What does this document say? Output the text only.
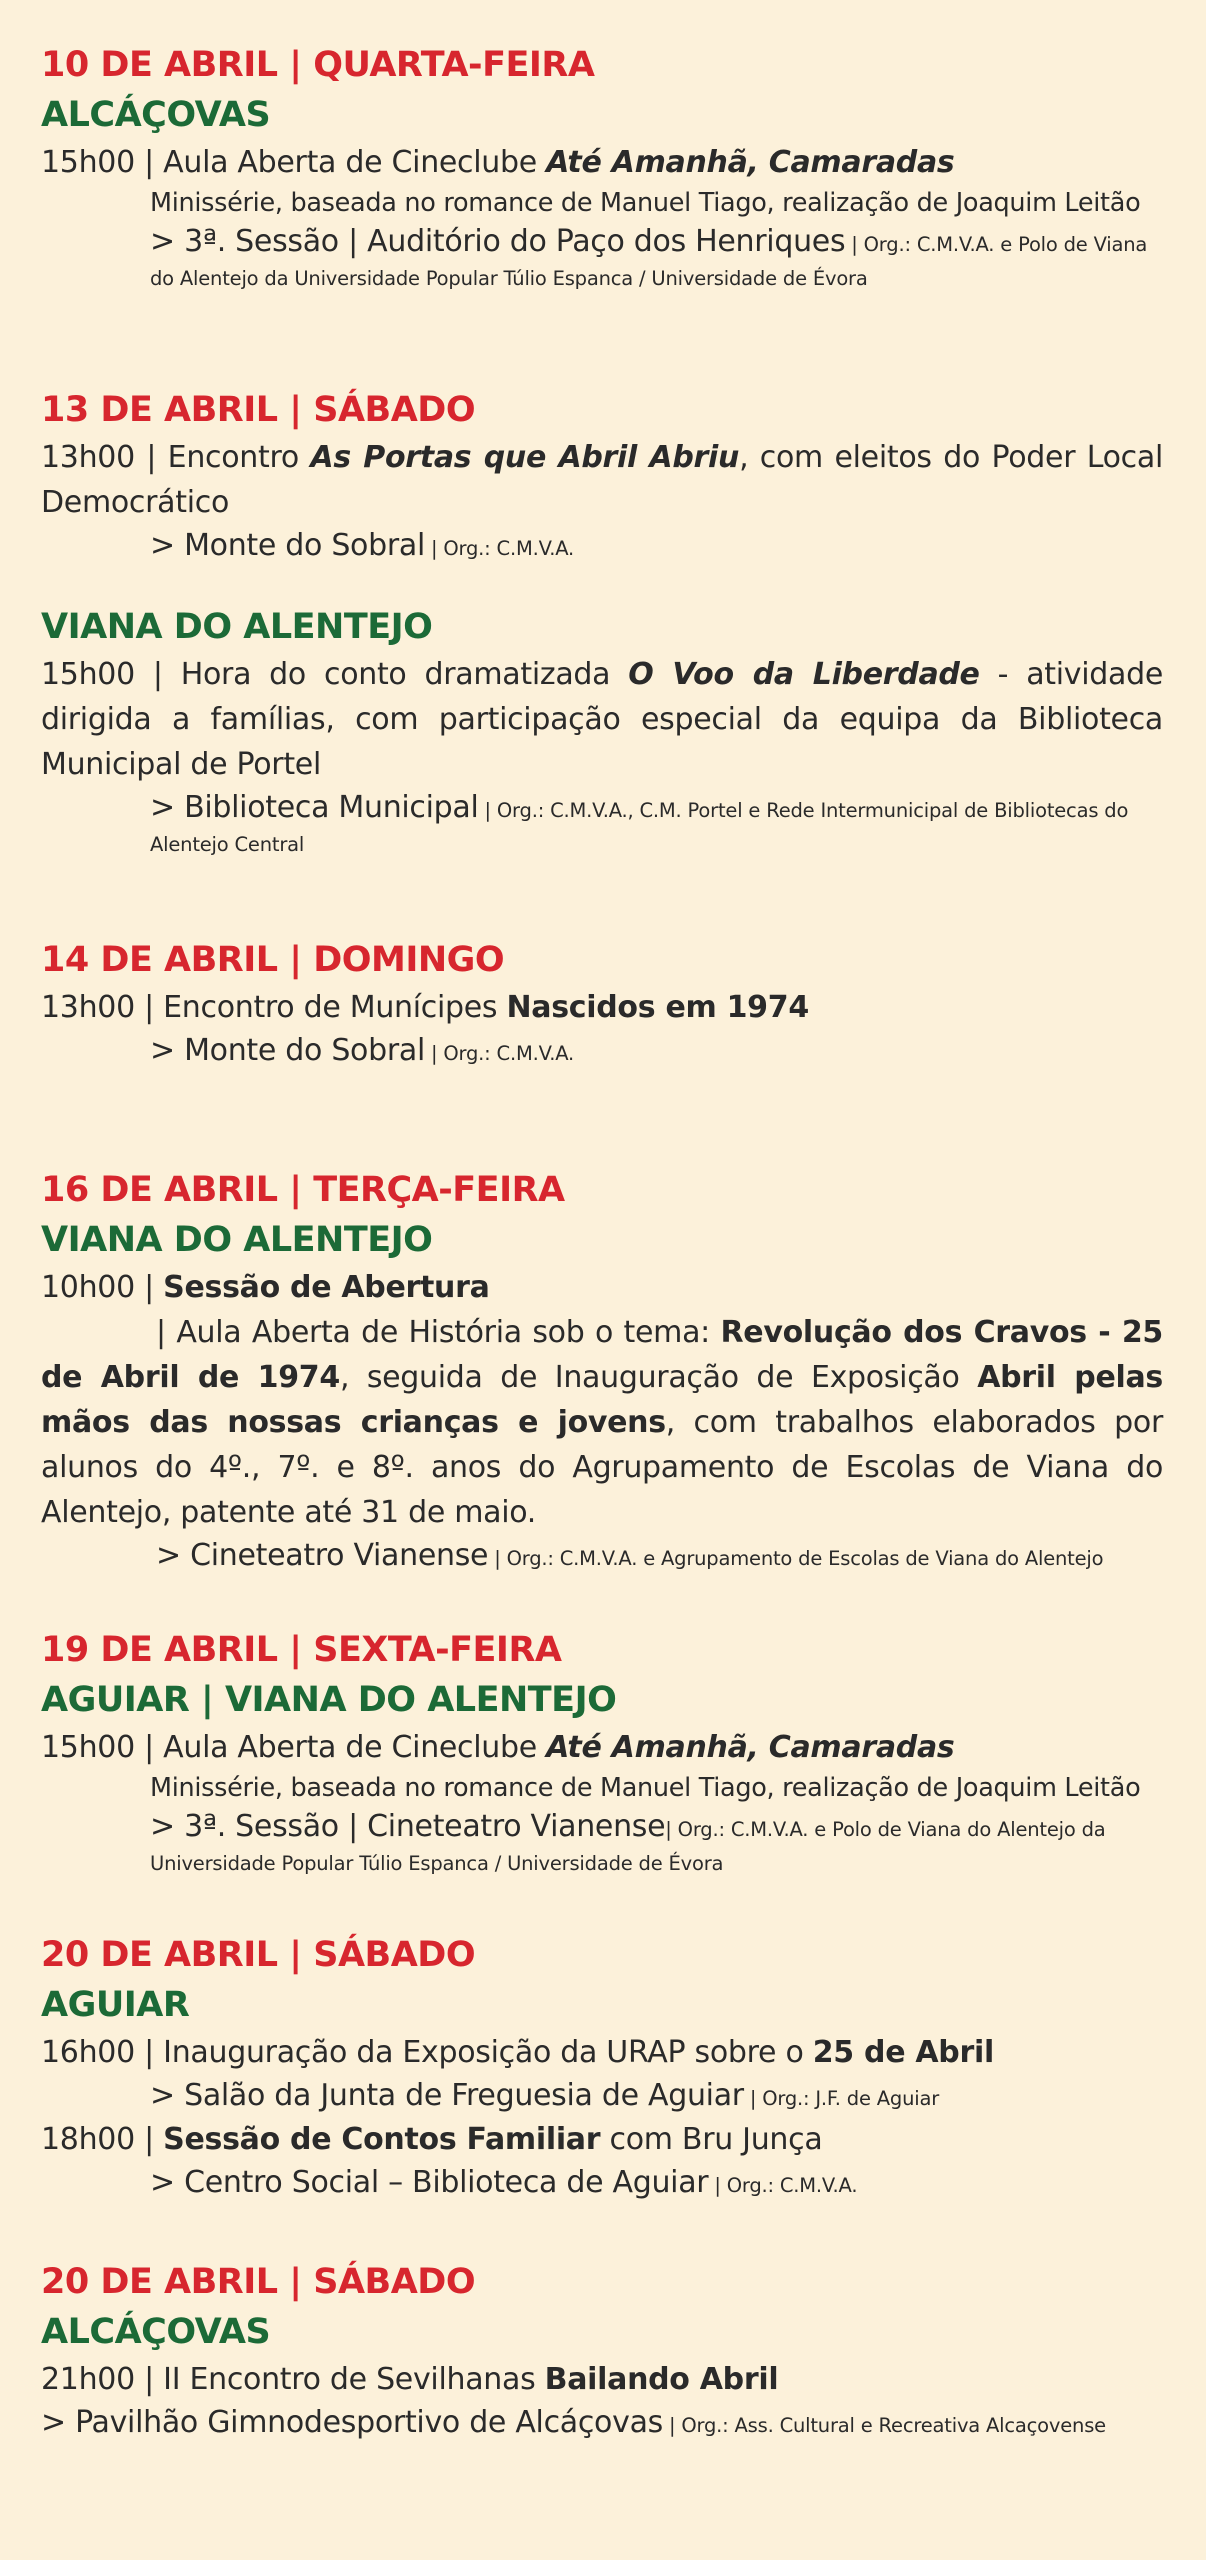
10 DE ABRIL | QUARTA-FEIRA
ALCÁÇOVAS

15h00 | Aula Aberta de Cineclube Até Amanhã, Camaradas

Minissérie, baseada no romance de Manuel Tiago, realização de Joaquim Leitão
> 3ª. Sessão | Auditório do Paço dos Henriques | Org.: C.M.V.A. e Polo de Viana do Alentejo da Universidade Popular Túlio Espanca / Universidade de Évora
13 DE ABRIL | SÁBADO

13h00 | Encontro As Portas que Abril Abriu, com eleitos do Poder Local Democrático

> Monte do Sobral | Org.: C.M.V.A.
VIANA DO ALENTEJO

15h00 | Hora do conto dramatizada O Voo da Liberdade - atividade dirigida a famílias, com participação especial da equipa da Biblioteca Municipal de Portel

> Biblioteca Municipal | Org.: C.M.V.A., C.M. Portel e Rede Intermunicipal de Bibliotecas do Alentejo Central
14 DE ABRIL | DOMINGO

13h00 | Encontro de Munícipes Nascidos em 1974

> Monte do Sobral | Org.: C.M.V.A.
16 DE ABRIL | TERÇA-FEIRA
VIANA DO ALENTEJO

10h00 | Sessão de Abertura

| Aula Aberta de História sob o tema: Revolução dos Cravos - 25 de Abril de 1974, seguida de Inauguração de Exposição Abril pelas mãos das nossas crianças e jovens, com trabalhos elaborados por alunos do 4º., 7º. e 8º. anos do Agrupamento de Escolas de Viana do Alentejo, patente até 31 de maio.

> Cineteatro Vianense | Org.: C.M.V.A. e Agrupamento de Escolas de Viana do Alentejo
19 DE ABRIL | SEXTA-FEIRA
AGUIAR | VIANA DO ALENTEJO

15h00 | Aula Aberta de Cineclube Até Amanhã, Camaradas

Minissérie, baseada no romance de Manuel Tiago, realização de Joaquim Leitão
> 3ª. Sessão | Cineteatro Vianense| Org.: C.M.V.A. e Polo de Viana do Alentejo da Universidade Popular Túlio Espanca / Universidade de Évora
20 DE ABRIL | SÁBADO
AGUIAR

16h00 | Inauguração da Exposição da URAP sobre o 25 de Abril

> Salão da Junta de Freguesia de Aguiar | Org.: J.F. de Aguiar

18h00 | Sessão de Contos Familiar com Bru Junça

> Centro Social – Biblioteca de Aguiar | Org.: C.M.V.A.
20 DE ABRIL | SÁBADO
ALCÁÇOVAS

21h00 | II Encontro de Sevilhanas Bailando Abril

> Pavilhão Gimnodesportivo de Alcáçovas | Org.: Ass. Cultural e Recreativa Alcaçovense
